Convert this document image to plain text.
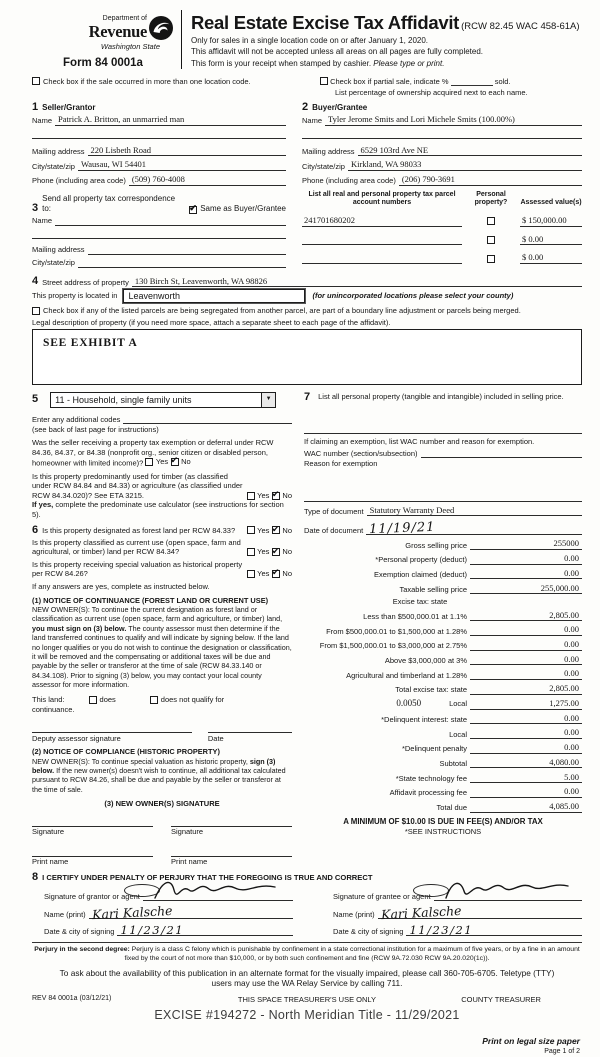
Department of
Revenue
Washington State
Form 84 0001a
Real Estate Excise Tax Affidavit (RCW 82.45 WAC 458-61A)
Only for sales in a single location code on or after January 1, 2020.
This affidavit will not be accepted unless all areas on all pages are fully completed.
This form is your receipt when stamped by cashier. Please type or print.
Check box if the sale occurred in more than one location code.	Check box if partial sale, indicate %	sold.
List percentage of ownership acquired next to each name.
1 Seller/Grantor
Name Patrick A. Britton, an unmarried man
Mailing address 220 Lisbeth Road
City/state/zip Wausau, WI 54401
Phone (including area code) (509) 760-4008
3
Send all property tax correspondence to:
✔	Same as Buyer/Grantee
Name
Mailing address
City/state/zip
2 Buyer/Grantee
Name Tyler Jerome Smits and Lori Michele Smits (100.00%)
Mailing address 6529 103rd Ave NE
City/state/zip Kirkland, WA 98033
Phone (including area code) (206) 790-3691
List all real and personal property tax parcel account numbers
Personal property?	Assessed value(s)
241701680202	$ 150,000.00
$ 0.00
$ 0.00
4 Street address of property 130 Birch St, Leavenworth, WA 98826
This property is located in	Leavenworth	(for unincorporated locations please select your county)
Check box if any of the listed parcels are being segregated from another parcel, are part of a boundary line adjustment or parcels being merged.
Legal description of property (if you need more space, attach a separate sheet to each page of the affidavit).
SEE EXHIBIT A
5	11 - Household, single family units	▼
Enter any additional codes
(see back of last page for instructions)
Was the seller receiving a property tax exemption or deferral under RCW 84.36, 84.37, or 84.38 (nonprofit org., senior citizen or disabled person, homeowner with limited income)? Yes ✔ No
Is this property predominantly used for timber (as classified under RCW 84.84 and 84.33) or agriculture (as classified under RCW 84.34.020)? See ETA 3215.	Yes ✔ No
If yes, complete the predominate use calculator (see instructions for section 5).
6 Is this property designated as forest land per RCW 84.33?	Yes ✔ No
Is this property classified as current use (open space, farm and agricultural, or timber) land per RCW 84.34?	Yes ✔ No
Is this property receiving special valuation as historical property per RCW 84.26?	Yes ✔ No
If any answers are yes, complete as instructed below.
(1) NOTICE OF CONTINUANCE (FOREST LAND OR CURRENT USE)
NEW OWNER(S): To continue the current designation as forest land or classification as current use (open space, farm and agriculture, or timber) land, you must sign on (3) below. The county assessor must then determine if the land transferred continues to qualify and will indicate by signing below. If the land no longer qualifies or you do not wish to continue the designation or classification, it will be removed and the compensating or additional taxes will be due and payable by the seller or transferor at the time of sale (RCW 84.33.140 or 84.34.108). Prior to signing (3) below, you may contact your local county assessor for more information.
This land:	does	does not qualify for
continuance.
Deputy assessor signature	Date
(2) NOTICE OF COMPLIANCE (HISTORIC PROPERTY)
NEW OWNER(S): To continue special valuation as historic property, sign (3) below. If the new owner(s) doesn't wish to continue, all additional tax calculated pursuant to RCW 84.26, shall be due and payable by the seller or transferor at the time of sale.
(3) NEW OWNER(S) SIGNATURE
Signature
Print name
Signature
Print name
7 List all personal property (tangible and intangible) included in selling price.
If claiming an exemption, list WAC number and reason for exemption.
WAC number (section/subsection)
Reason for exemption
Type of document Statutory Warranty Deed
Date of document 11/19/21
Gross selling price	255000
*Personal property (deduct)	0.00
Exemption claimed (deduct)	0.00
Taxable selling price	255,000.00
Excise tax: state
Less than $500,000.01 at 1.1%	2,805.00
From $500,000.01 to $1,500,000 at 1.28%	0.00
From $1,500,000.01 to $3,000,000 at 2.75%	0.00
Above $3,000,000 at 3%	0.00
Agricultural and timberland at 1.28%	0.00
Total excise tax: state	2,805.00
0.0050	Local	1,275.00
*Delinquent interest: state	0.00
Local	0.00
*Delinquent penalty	0.00
Subtotal	4,080.00
*State technology fee	5.00
Affidavit processing fee	0.00
Total due	4,085.00
A MINIMUM OF $10.00 IS DUE IN FEE(S) AND/OR TAX
*SEE INSTRUCTIONS
8 I CERTIFY UNDER PENALTY OF PERJURY THAT THE FOREGOING IS TRUE AND CORRECT
Signature of grantor or agent
Name (print) Kari Kalsche
Date & city of signing 11/23/21
Signature of grantee or agent
Name (print) Kari Kalsche
Date & city of signing 11/23/21
Perjury in the second degree: Perjury is a class C felony which is punishable by confinement in a state correctional institution for a maximum of five years, or by a fine in an amount fixed by the court of not more than $10,000, or by both such confinement and fine (RCW 9A.72.030 RCW 9A.20.020(1c)).
To ask about the availability of this publication in an alternate format for the visually impaired, please call 360-705-6705. Teletype (TTY) users may use the WA Relay Service by calling 711.
REV 84 0001a (03/12/21)	THIS SPACE TREASURER'S USE ONLY	COUNTY TREASURER
EXCISE #194272 - North Meridian Title - 11/29/2021
Print on legal size paper
Page 1 of 2
